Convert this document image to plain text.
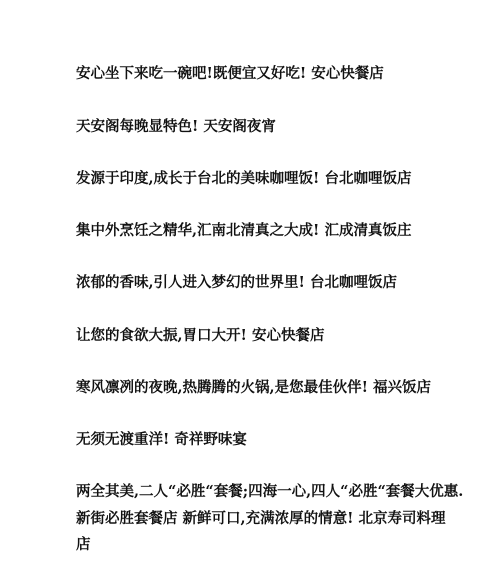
安心坐下来吃一碗吧!既便宜又好吃! 安心快餐店
天安阁每晚显特色! 天安阁夜宵
发源于印度,成长于台北的美味咖哩饭! 台北咖哩饭店
集中外烹饪之精华,汇南北清真之大成! 汇成清真饭庄
浓郁的香味,引人进入梦幻的世界里! 台北咖哩饭店
让您的食欲大振,胃口大开! 安心快餐店
寒风凛冽的夜晚,热腾腾的火锅,是您最佳伙伴! 福兴饭店
无须无渡重洋! 奇祥野味宴
两全其美,二人“必胜“套餐;四海一心,四人“必胜“套餐大优惠.
新街必胜套餐店 新鲜可口,充满浓厚的情意! 北京寿司料理
店
